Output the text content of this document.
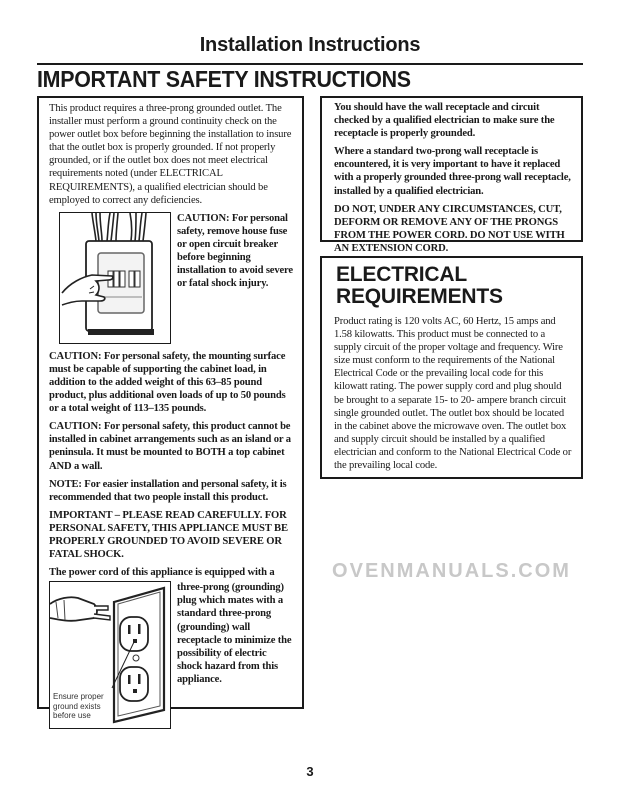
Installation Instructions
IMPORTANT SAFETY INSTRUCTIONS

This product requires a three-prong grounded outlet. The installer must perform a ground continuity check on the power outlet box before beginning the installation to insure that the outlet box is properly grounded. If not properly grounded, or if the outlet box does not meet electrical requirements noted (under ELECTRICAL REQUIREMENTS), a qualified electrician should be employed to correct any deficiencies.

CAUTION: For personal safety, remove house fuse or open circuit breaker before beginning installation to avoid severe or fatal shock injury.

CAUTION: For personal safety, the mounting surface must be capable of supporting the cabinet load, in addition to the added weight of this 63–85 pound product, plus additional oven loads of up to 50 pounds or a total weight of 113–135 pounds.

CAUTION: For personal safety, this product cannot be installed in cabinet arrangements such as an island or a peninsula. It must be mounted to BOTH a top cabinet AND a wall.

NOTE: For easier installation and personal safety, it is recommended that two people install this product.

IMPORTANT – PLEASE READ CAREFULLY. FOR PERSONAL SAFETY, THIS APPLIANCE MUST BE PROPERLY GROUNDED TO AVOID SEVERE OR FATAL SHOCK.

The power cord of this appliance is equipped with a

Ensure proper ground exists before use

three-prong (grounding) plug which mates with a standard three-prong (grounding) wall receptacle to minimize the possibility of electric shock hazard from this appliance.

You should have the wall receptacle and circuit checked by a qualified electrician to make sure the receptacle is properly grounded.

Where a standard two-prong wall receptacle is encountered, it is very important to have it replaced with a properly grounded three-prong wall receptacle, installed by a qualified electrician.

DO NOT, UNDER ANY CIRCUMSTANCES, CUT, DEFORM OR REMOVE ANY OF THE PRONGS FROM THE POWER CORD. DO NOT USE WITH AN EXTENSION CORD.

ELECTRICAL
REQUIREMENTS

Product rating is 120 volts AC, 60 Hertz, 15 amps and 1.58 kilowatts. This product must be connected to a supply circuit of the proper voltage and frequency. Wire size must conform to the requirements of the National Electrical Code or the prevailing local code for this kilowatt rating. The power supply cord and plug should be brought to a separate 15- to 20- ampere branch circuit single grounded outlet. The outlet box should be located in the cabinet above the microwave oven. The outlet box and supply circuit should be installed by a qualified electrician and conform to the National Electrical Code or the prevailing local code.

OVENMANUALS.COM
3
